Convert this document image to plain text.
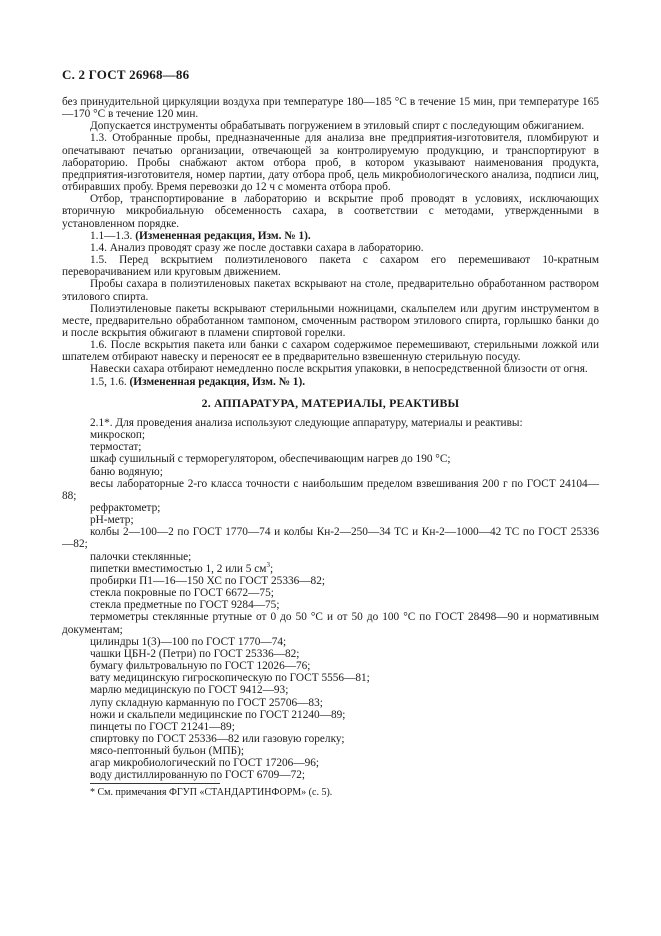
С. 2 ГОСТ 26968—86

без принудительной циркуляции воздуха при температуре 180—185 °С в течение 15 мин, при температуре 165—170 °С в течение 120 мин.

Допускается инструменты обрабатывать погружением в этиловый спирт с последующим обжиганием.

1.3. Отобранные пробы, предназначенные для анализа вне предприятия-изготовителя, пломбируют и опечатывают печатью организации, отвечающей за контролируемую продукцию, и транспортируют в лабораторию. Пробы снабжают актом отбора проб, в котором указывают наименования продукта, предприятия-изготовителя, номер партии, дату отбора проб, цель микробиологического анализа, подписи лиц, отбиравших пробу. Время перевозки до 12 ч с момента отбора проб.

Отбор, транспортирование в лабораторию и вскрытие проб проводят в условиях, исключающих вторичную микробиальную обсеменность сахара, в соответствии с методами, утвержденными в установленном порядке.

1.1—1.3. (Измененная редакция, Изм. № 1).

1.4. Анализ проводят сразу же после доставки сахара в лабораторию.

1.5. Перед вскрытием полиэтиленового пакета с сахаром его перемешивают 10-кратным переворачиванием или круговым движением.

Пробы сахара в полиэтиленовых пакетах вскрывают на столе, предварительно обработанном раствором этилового спирта.

Полиэтиленовые пакеты вскрывают стерильными ножницами, скальпелем или другим инструментом в месте, предварительно обработанном тампоном, смоченным раствором этилового спирта, горлышко банки до и после вскрытия обжигают в пламени спиртовой горелки.

1.6. После вскрытия пакета или банки с сахаром содержимое перемешивают, стерильными ложкой или шпателем отбирают навеску и переносят ее в предварительно взвешенную стерильную посуду.

Навески сахара отбирают немедленно после вскрытия упаковки, в непосредственной близости от огня.

1.5, 1.6. (Измененная редакция, Изм. № 1).

2. АППАРАТУРА, МАТЕРИАЛЫ, РЕАКТИВЫ

2.1*. Для проведения анализа используют следующие аппаратуру, материалы и реактивы:

микроскоп;

термостат;

шкаф сушильный с терморегулятором, обеспечивающим нагрев до 190 °С;

баню водяную;

весы лабораторные 2-го класса точности с наибольшим пределом взвешивания 200 г по ГОСТ 24104—88;

рефрактометр;

рН-метр;

колбы 2—100—2 по ГОСТ 1770—74 и колбы Кн-2—250—34 ТС и Кн-2—1000—42 ТС по ГОСТ 25336—82;

палочки стеклянные;

пипетки вместимостью 1, 2 или 5 $см^3$;

пробирки П1—16—150 ХС по ГОСТ 25336—82;

стекла покровные по ГОСТ 6672—75;

стекла предметные по ГОСТ 9284—75;

термометры стеклянные ртутные от 0 до 50 °С и от 50 до 100 °С по ГОСТ 28498—90 и нормативным документам;

цилиндры 1(3)—100 по ГОСТ 1770—74;

чашки ЦБН-2 (Петри) по ГОСТ 25336—82;

бумагу фильтровальную по ГОСТ 12026—76;

вату медицинскую гигроскопическую по ГОСТ 5556—81;

марлю медицинскую по ГОСТ 9412—93;

лупу складную карманную по ГОСТ 25706—83;

ножи и скальпели медицинские по ГОСТ 21240—89;

пинцеты по ГОСТ 21241—89;

спиртовку по ГОСТ 25336—82 или газовую горелку;

мясо-пептонный бульон (МПБ);

агар микробиологический по ГОСТ 17206—96;

воду дистиллированную по ГОСТ 6709—72;

* См. примечания ФГУП «СТАНДАРТИНФОРМ» (с. 5).
